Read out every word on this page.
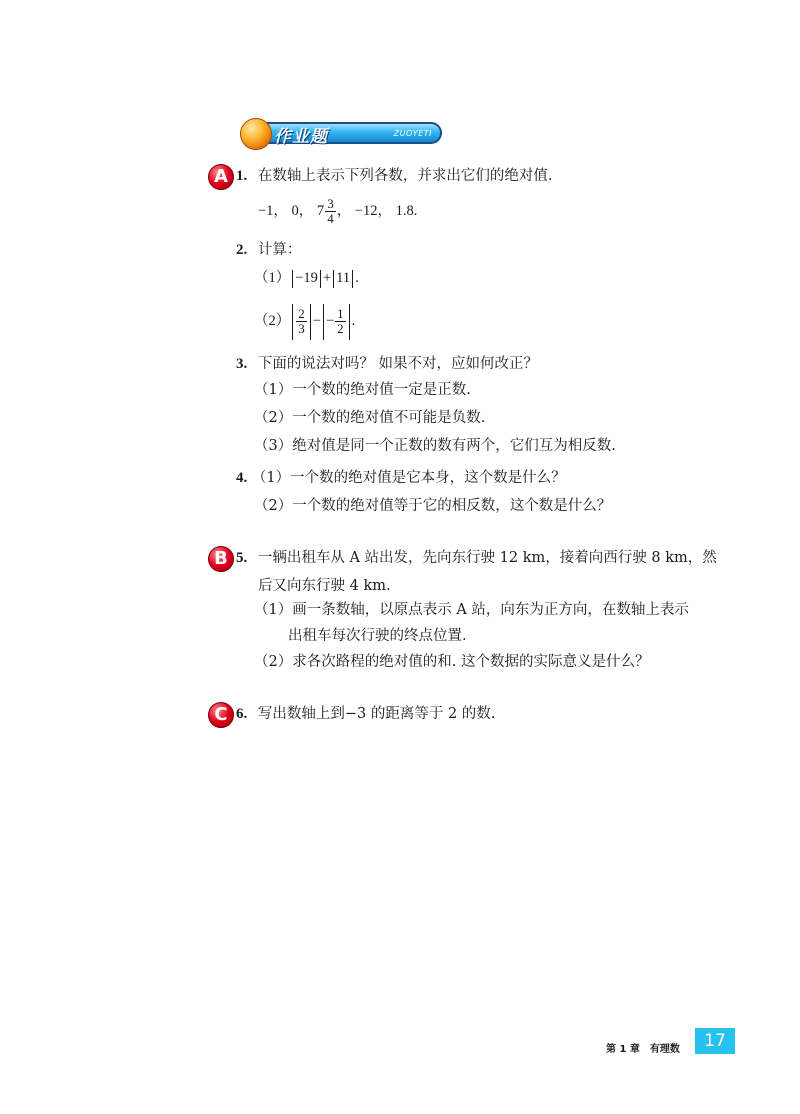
作业题	ZUOYETI
A 1. 在数轴上表示下列各数，并求出它们的绝对值.
−1， 0， $7 \frac{3}{4}$ ， −12， 1.8.
2. 计算：
（1） −19 + 11 .
$(2) \frac{2}{3}$ − − $\frac{1}{2}$ .
3. 下面的说法对吗？ 如果不对，应如何改正？
（1）一个数的绝对值一定是正数.
（2）一个数的绝对值不可能是负数.
（3）绝对值是同一个正数的数有两个，它们互为相反数.
4. （1）一个数的绝对值是它本身，这个数是什么？
（2）一个数的绝对值等于它的相反数，这个数是什么？
B 5. 一辆出租车从 A 站出发，先向东行驶 12 km，接着向西行驶 8 km，然
后又向东行驶 4 km.
（1）画一条数轴，以原点表示 A 站，向东为正方向，在数轴上表示
出租车每次行驶的终点位置.
（2）求各次路程的绝对值的和. 这个数据的实际意义是什么？
C 6. 写出数轴上到−3 的距离等于 2 的数.
第 1 章　有理数	17
